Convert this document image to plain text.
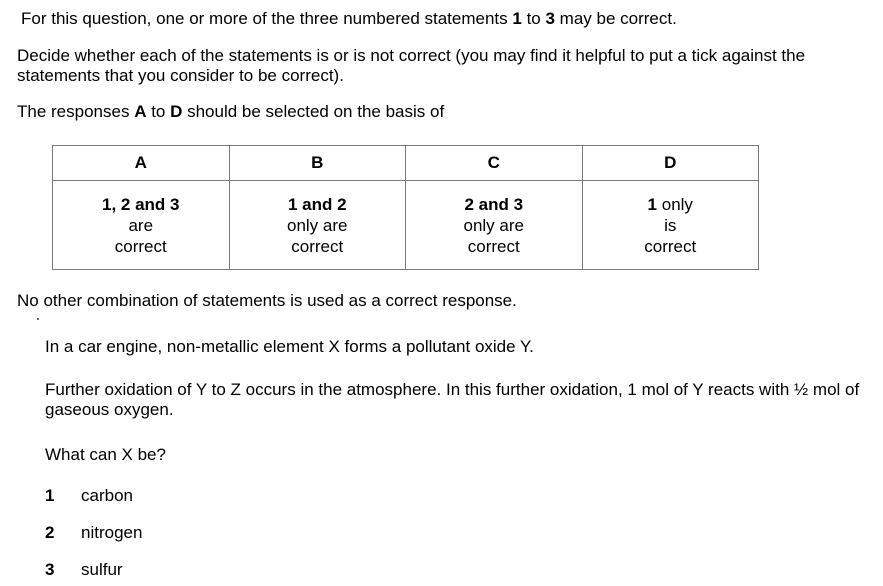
For this question, one or more of the three numbered statements 1 to 3 may be correct.
Decide whether each of the statements is or is not correct (you may find it helpful to put a tick against the statements that you consider to be correct).
The responses A to D should be selected on the basis of
A	B	C	D

1, 2 and 3
are
correct	1 and 2
only are
correct	2 and 3
only are
correct	1 only
is
correct
No other combination of statements is used as a correct response.
In a car engine, non-metallic element X forms a pollutant oxide Y.
Further oxidation of Y to Z occurs in the atmosphere. In this further oxidation, 1 mol of Y reacts with ½ mol of gaseous oxygen.
What can X be?
1 carbon
2 nitrogen
3 sulfur
